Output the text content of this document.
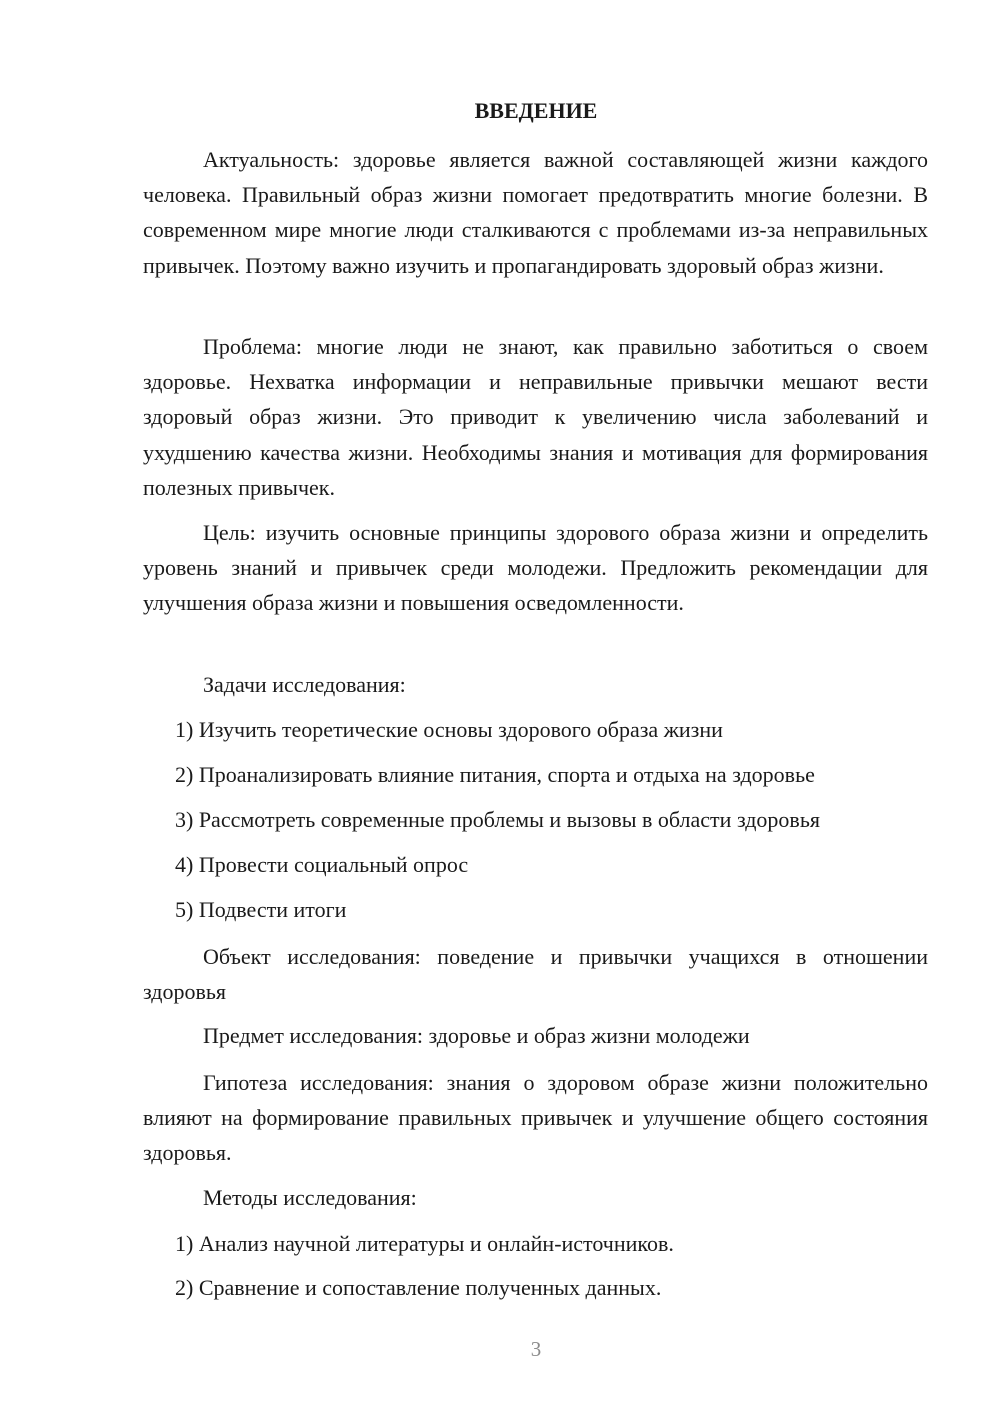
ВВЕДЕНИЕ

Актуальность: здоровье является важной составляющей жизни каждого человека. Правильный образ жизни помогает предотвратить многие болезни. В современном мире многие люди сталкиваются с проблемами из-за неправильных привычек. Поэтому важно изучить и пропагандировать здоровый образ жизни.

Проблема: многие люди не знают, как правильно заботиться о своем здоровье. Нехватка информации и неправильные привычки мешают вести здоровый образ жизни. Это приводит к увеличению числа заболеваний и ухудшению качества жизни. Необходимы знания и мотивация для формирования полезных привычек.

Цель: изучить основные принципы здорового образа жизни и определить уровень знаний и привычек среди молодежи. Предложить рекомендации для улучшения образа жизни и повышения осведомленности.

Задачи исследования:

1) Изучить теоретические основы здорового образа жизни

2) Проанализировать влияние питания, спорта и отдыха на здоровье

3) Рассмотреть современные проблемы и вызовы в области здоровья

4) Провести социальный опрос

5) Подвести итоги

Объект исследования: поведение и привычки учащихся в отношении здоровья

Предмет исследования: здоровье и образ жизни молодежи

Гипотеза исследования: знания о здоровом образе жизни положительно влияют на формирование правильных привычек и улучшение общего состояния здоровья.

Методы исследования:

1) Анализ научной литературы и онлайн-источников.

2) Сравнение и сопоставление полученных данных.

3
